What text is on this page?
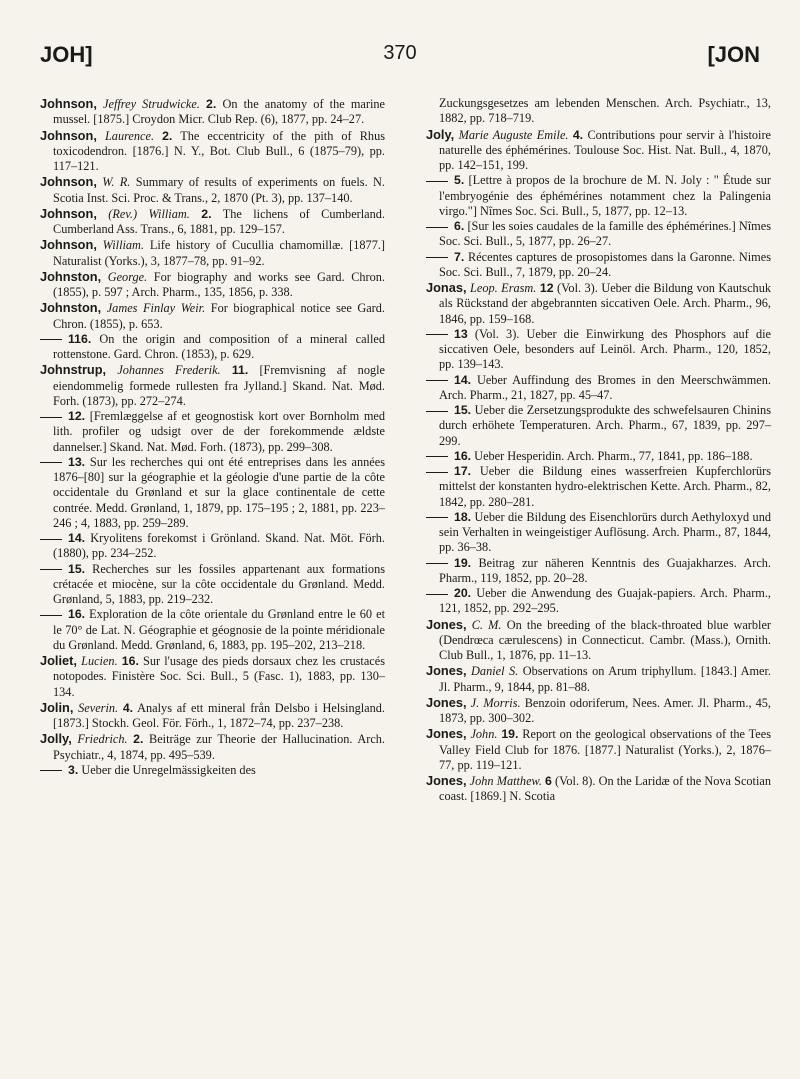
JOH]	370	[JON
Johnson, Jeffrey Strudwicke. 2. On the anatomy of the marine mussel. [1875.] Croydon Micr. Club Rep. (6), 1877, pp. 24–27.
Johnson, Laurence. 2. The eccentricity of the pith of Rhus toxicodendron. [1876.] N. Y., Bot. Club Bull., 6 (1875–79), pp. 117–121.
Johnson, W. R. Summary of results of experiments on fuels. N. Scotia Inst. Sci. Proc. & Trans., 2, 1870 (Pt. 3), pp. 137–140.
Johnson, (Rev.) William. 2. The lichens of Cumberland. Cumberland Ass. Trans., 6, 1881, pp. 129–157.
Johnson, William. Life history of Cucullia chamomillæ. [1877.] Naturalist (Yorks.), 3, 1877–78, pp. 91–92.
Johnston, George. For biography and works see Gard. Chron. (1855), p. 597 ; Arch. Pharm., 135, 1856, p. 338.
Johnston, James Finlay Weir. For biographical notice see Gard. Chron. (1855), p. 653.
116. On the origin and composition of a mineral called rottenstone. Gard. Chron. (1853), p. 629.
Johnstrup, Johannes Frederik. 11. [Fremvisning af nogle eiendommelig formede rullesten fra Jylland.] Skand. Nat. Mød. Forh. (1873), pp. 272–274.
12. [Fremlæggelse af et geognostisk kort over Bornholm med lith. profiler og udsigt over de der forekommende ældste dannelser.] Skand. Nat. Mød. Forh. (1873), pp. 299–308.
13. Sur les recherches qui ont été entreprises dans les années 1876–[80] sur la géographie et la géologie d'une partie de la côte occidentale du Grønland et sur la glace continentale de cette contrée. Medd. Grønland, 1, 1879, pp. 175–195 ; 2, 1881, pp. 223–246 ; 4, 1883, pp. 259–289.
14. Kryolitens forekomst i Grönland. Skand. Nat. Möt. Förh. (1880), pp. 234–252.
15. Recherches sur les fossiles appartenant aux formations crétacée et miocène, sur la côte occidentale du Grønland. Medd. Grønland, 5, 1883, pp. 219–232.
16. Exploration de la côte orientale du Grønland entre le 60 et le 70° de Lat. N. Géographie et géognosie de la pointe méridionale du Grønland. Medd. Grønland, 6, 1883, pp. 195–202, 213–218.
Joliet, Lucien. 16. Sur l'usage des pieds dorsaux chez les crustacés notopodes. Finistère Soc. Sci. Bull., 5 (Fasc. 1), 1883, pp. 130–134.
Jolin, Severin. 4. Analys af ett mineral från Delsbo i Helsingland. [1873.] Stockh. Geol. För. Förh., 1, 1872–74, pp. 237–238.
Jolly, Friedrich. 2. Beiträge zur Theorie der Hallucination. Arch. Psychiatr., 4, 1874, pp. 495–539.
3. Ueber die Unregelmässigkeiten des
Zuckungsgesetzes am lebenden Menschen. Arch. Psychiatr., 13, 1882, pp. 718–719.
Joly, Marie Auguste Emile. 4. Contributions pour servir à l'histoire naturelle des éphémérines. Toulouse Soc. Hist. Nat. Bull., 4, 1870, pp. 142–151, 199.
5. [Lettre à propos de la brochure de M. N. Joly : " Étude sur l'embryogénie des éphémérines notamment chez la Palingenia virgo."] Nîmes Soc. Sci. Bull., 5, 1877, pp. 12–13.
6. [Sur les soies caudales de la famille des éphémérines.] Nîmes Soc. Sci. Bull., 5, 1877, pp. 26–27.
7. Récentes captures de prosopistomes dans la Garonne. Nimes Soc. Sci. Bull., 7, 1879, pp. 20–24.
Jonas, Leop. Erasm. 12 (Vol. 3). Ueber die Bildung von Kautschuk als Rückstand der abgebrannten siccativen Oele. Arch. Pharm., 96, 1846, pp. 159–168.
13 (Vol. 3). Ueber die Einwirkung des Phosphors auf die siccativen Oele, besonders auf Leinöl. Arch. Pharm., 120, 1852, pp. 139–143.
14. Ueber Auffindung des Bromes in den Meerschwämmen. Arch. Pharm., 21, 1827, pp. 45–47.
15. Ueber die Zersetzungsprodukte des schwefelsauren Chinins durch erhöhete Temperaturen. Arch. Pharm., 67, 1839, pp. 297–299.
16. Ueber Hesperidin. Arch. Pharm., 77, 1841, pp. 186–188.
17. Ueber die Bildung eines wasserfreien Kupferchlorürs mittelst der konstanten hydro-elektrischen Kette. Arch. Pharm., 82, 1842, pp. 280–281.
18. Ueber die Bildung des Eisenchlorürs durch Aethyloxyd und sein Verhalten in weingeistiger Auflösung. Arch. Pharm., 87, 1844, pp. 36–38.
19. Beitrag zur näheren Kenntnis des Guajakharzes. Arch. Pharm., 119, 1852, pp. 20–28.
20. Ueber die Anwendung des Guajak-papiers. Arch. Pharm., 121, 1852, pp. 292–295.
Jones, C. M. On the breeding of the black-throated blue warbler (Dendrœca cærulescens) in Connecticut. Cambr. (Mass.), Ornith. Club Bull., 1, 1876, pp. 11–13.
Jones, Daniel S. Observations on Arum triphyllum. [1843.] Amer. Jl. Pharm., 9, 1844, pp. 81–88.
Jones, J. Morris. Benzoin odoriferum, Nees. Amer. Jl. Pharm., 45, 1873, pp. 300–302.
Jones, John. 19. Report on the geological observations of the Tees Valley Field Club for 1876. [1877.] Naturalist (Yorks.), 2, 1876–77, pp. 119–121.
Jones, John Matthew. 6 (Vol. 8). On the Laridæ of the Nova Scotian coast. [1869.] N. Scotia
